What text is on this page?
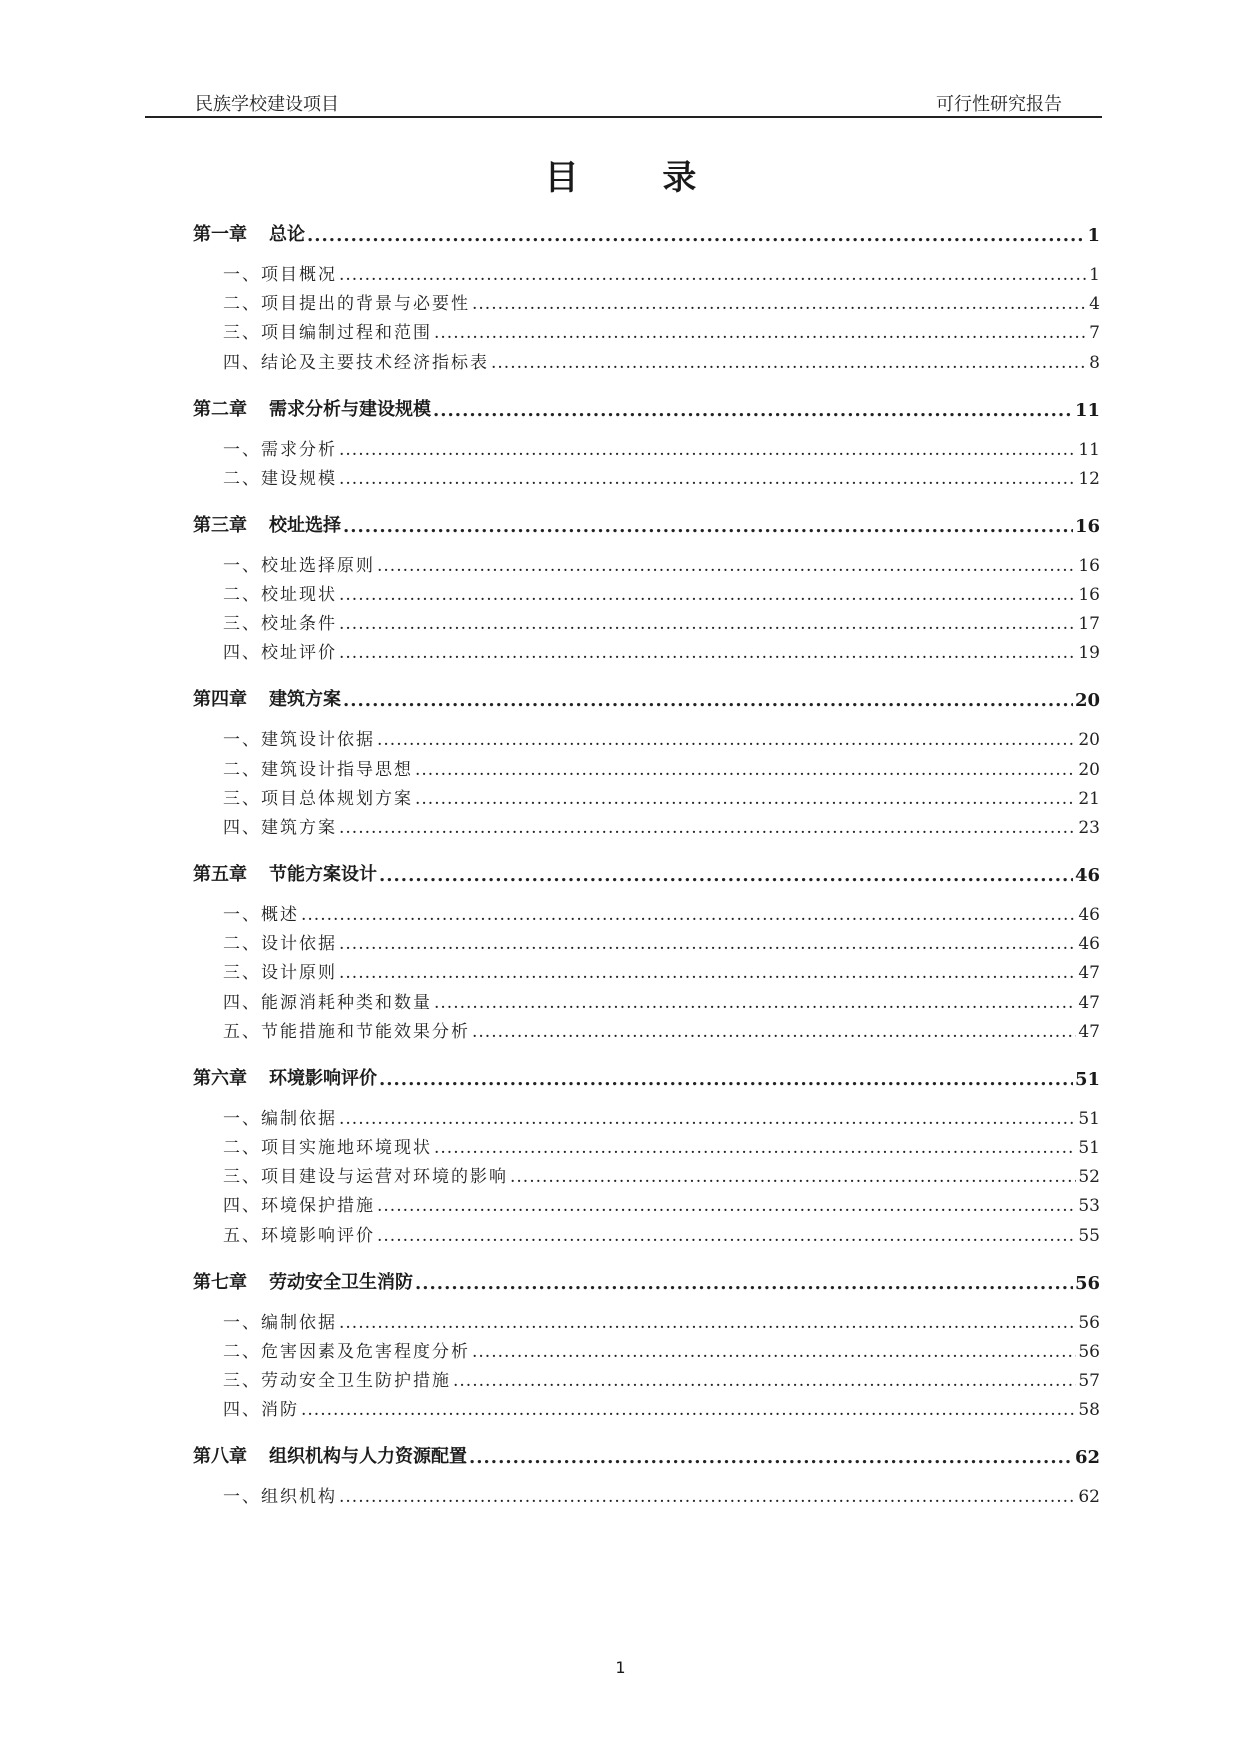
民族学校建设项目	可行性研究报告
目 录
第一章 总论 .....	1
一、项目概况 .....	1
二、项目提出的背景与必要性 .....	4
三、项目编制过程和范围 .....	7
四、结论及主要技术经济指标表 .....	8
第二章 需求分析与建设规模 .....	11
一、需求分析 .....	11
二、建设规模 .....	12
第三章 校址选择 .....	16
一、校址选择原则 .....	16
二、校址现状 .....	16
三、校址条件 .....	17
四、校址评价 .....	19
第四章 建筑方案 .....	20
一、建筑设计依据 .....	20
二、建筑设计指导思想 .....	20
三、项目总体规划方案 .....	21
四、建筑方案 .....	23
第五章 节能方案设计 .....	46
一、概述 .....	46
二、设计依据 .....	46
三、设计原则 .....	47
四、能源消耗种类和数量 .....	47
五、节能措施和节能效果分析 .....	47
第六章 环境影响评价 .....	51
一、编制依据 .....	51
二、项目实施地环境现状 .....	51
三、项目建设与运营对环境的影响 .....	52
四、环境保护措施 .....	53
五、环境影响评价 .....	55
第七章 劳动安全卫生消防 .....	56
一、编制依据 .....	56
二、危害因素及危害程度分析 .....	56
三、劳动安全卫生防护措施 .....	57
四、消防 .....	58
第八章 组织机构与人力资源配置 .....	62
一、组织机构 .....	62
1
